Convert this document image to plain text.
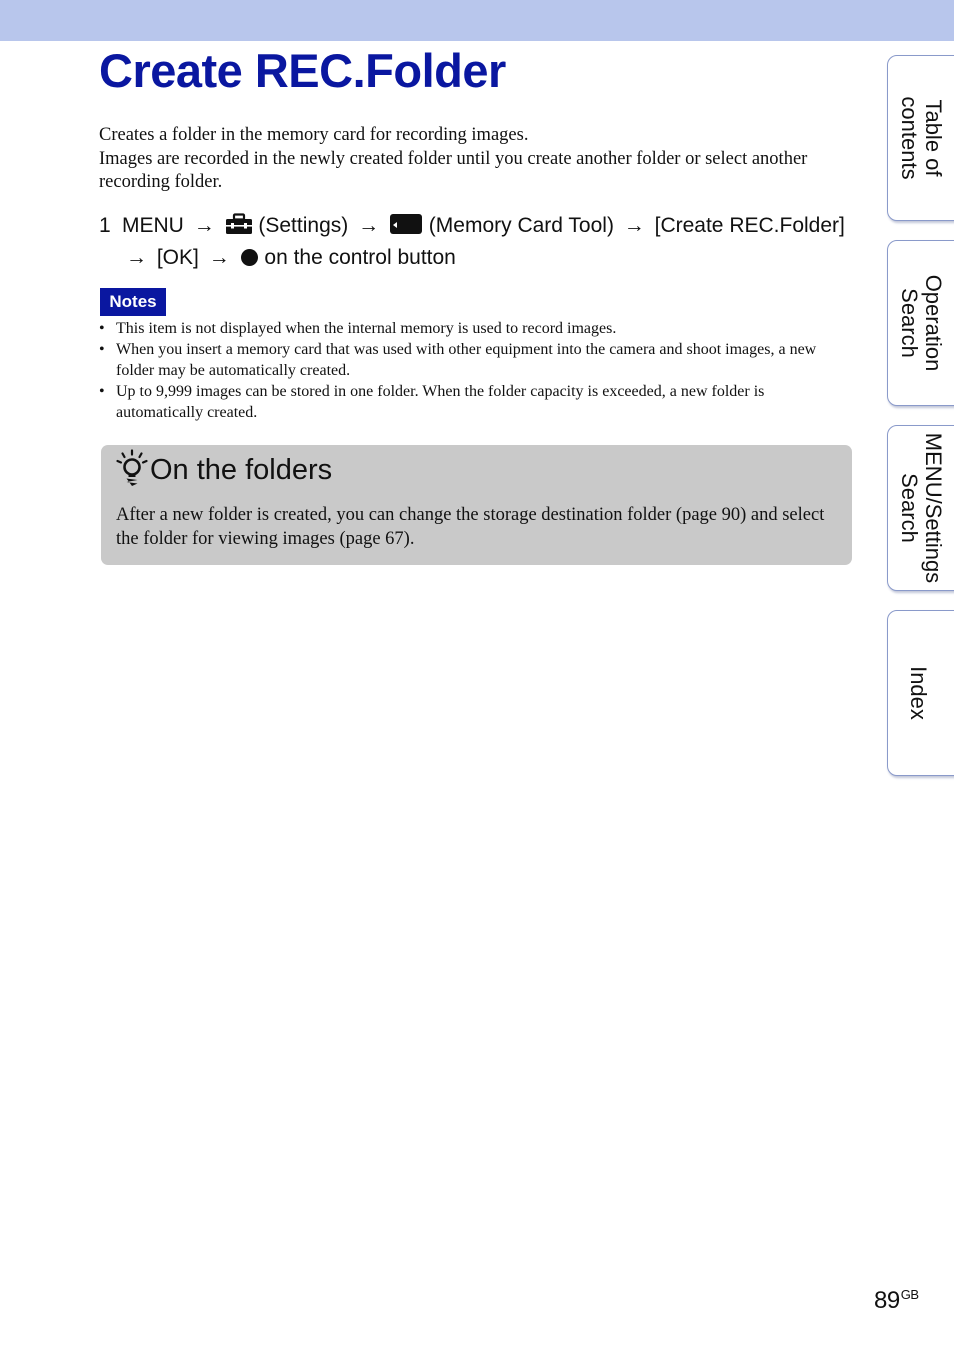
Create REC.Folder

Creates a folder in the memory card for recording images.

Images are recorded in the newly created folder until you create another folder or select another recording folder.

1 MENU → (Settings) → (Memory Card Tool) → [Create REC.Folder] → [OK] → on the control button
Notes
• This item is not displayed when the internal memory is used to record images.
• When you insert a memory card that was used with other equipment into the camera and shoot images, a new folder may be automatically created.
• Up to 9,999 images can be stored in one folder. When the folder capacity is exceeded, a new folder is automatically created.
On the folders
After a new folder is created, you can change the storage destination folder (page 90) and select the folder for viewing images (page 67).
Table of
contents
Operation
Search
MENU/Settings
Search
Index
$89^{GB}$
